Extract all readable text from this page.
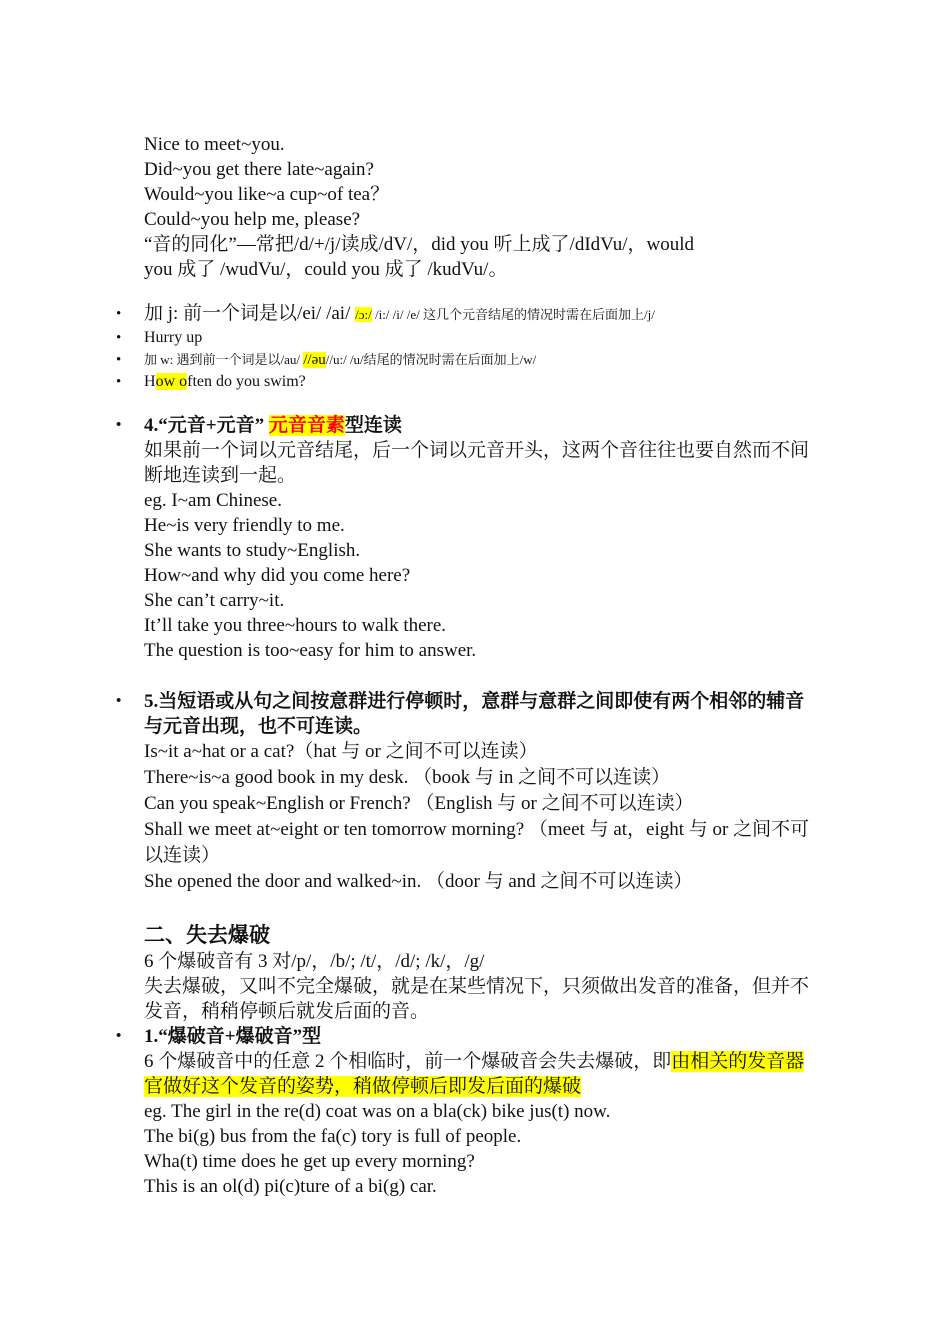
Nice to meet~you.
Did~you get there late~again?
Would~you like~a cup~of tea？
Could~you help me, please?
“音的同化”—常把/d/+/j/读成/dV/，did you 听上成了/dIdVu/，would
you 成了 /wudVu/，could you 成了 /kudVu/。
• 加 j: 前一个词是以/ei/ /ai/ /ɔ:/ /i:/ /i/ /e/ 这几个元音结尾的情况时需在后面加上/j/
• Hurry up
• 加 w: 遇到前一个词是以/au/ //əu//u:/ /u/结尾的情况时需在后面加上/w/
• How often do you swim?
• 4.“元音+元音” 元音音素型连读
如果前一个词以元音结尾，后一个词以元音开头，这两个音往往也要自然而不间断地连读到一起。
eg. I~am Chinese.
He~is very friendly to me.
She wants to study~English.
How~and why did you come here?
She can’t carry~it.
It’ll take you three~hours to walk there.
The question is too~easy for him to answer.
• 5.当短语或从句之间按意群进行停顿时，意群与意群之间即使有两个相邻的辅音与元音出现，也不可连读。
Is~it a~hat or a cat?（hat 与 or 之间不可以连读）
There~is~a good book in my desk. （book 与 in 之间不可以连读）
Can you speak~English or French? （English 与 or 之间不可以连读）
Shall we meet at~eight or ten tomorrow morning? （meet 与 at，eight 与 or 之间不可以连读）
She opened the door and walked~in. （door 与 and 之间不可以连读）
二、失去爆破
6 个爆破音有 3 对/p/，/b/; /t/，/d/; /k/，/g/
失去爆破，又叫不完全爆破，就是在某些情况下，只须做出发音的准备，但并不发音，稍稍停顿后就发后面的音。
• 1.“爆破音+爆破音”型
6 个爆破音中的任意 2 个相临时，前一个爆破音会失去爆破，即由相关的发音器官做好这个发音的姿势，稍做停顿后即发后面的爆破
eg. The girl in the re(d) coat was on a bla(ck) bike jus(t) now.
The bi(g) bus from the fa(c) tory is full of people.
Wha(t) time does he get up every morning?
This is an ol(d) pi(c)ture of a bi(g) car.
